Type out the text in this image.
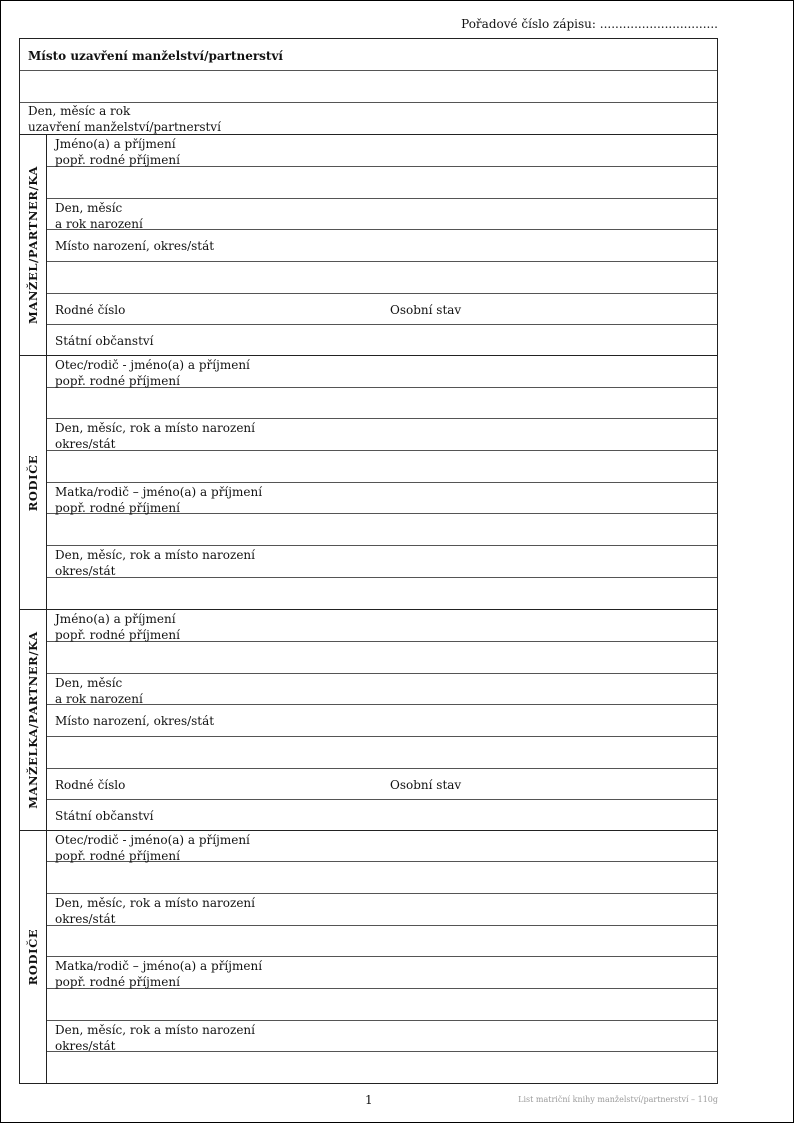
Pořadové číslo zápisu: ...............................
Místo uzavření manželství/partnerství
Den, měsíc a rok
uzavření manželství/partnerství
MANŽEL/PARTNER/KA
Jméno(a) a příjmení
popř. rodné příjmení
Den, měsíc
a rok narození
Místo narození, okres/stát
Rodné číslo	Osobní stav
Státní občanství
RODIČE
Otec/rodič - jméno(a) a příjmení
popř. rodné příjmení
Den, měsíc, rok a místo narození
okres/stát
Matka/rodič – jméno(a) a příjmení
popř. rodné příjmení
Den, měsíc, rok a místo narození
okres/stát
MANŽELKA/PARTNER/KA
Jméno(a) a příjmení
popř. rodné příjmení
Den, měsíc
a rok narození
Místo narození, okres/stát
Rodné číslo	Osobní stav
Státní občanství
RODIČE
Otec/rodič - jméno(a) a příjmení
popř. rodné příjmení
Den, měsíc, rok a místo narození
okres/stát
Matka/rodič – jméno(a) a příjmení
popř. rodné příjmení
Den, měsíc, rok a místo narození
okres/stát
1	List matriční knihy manželství/partnerství – 110g
